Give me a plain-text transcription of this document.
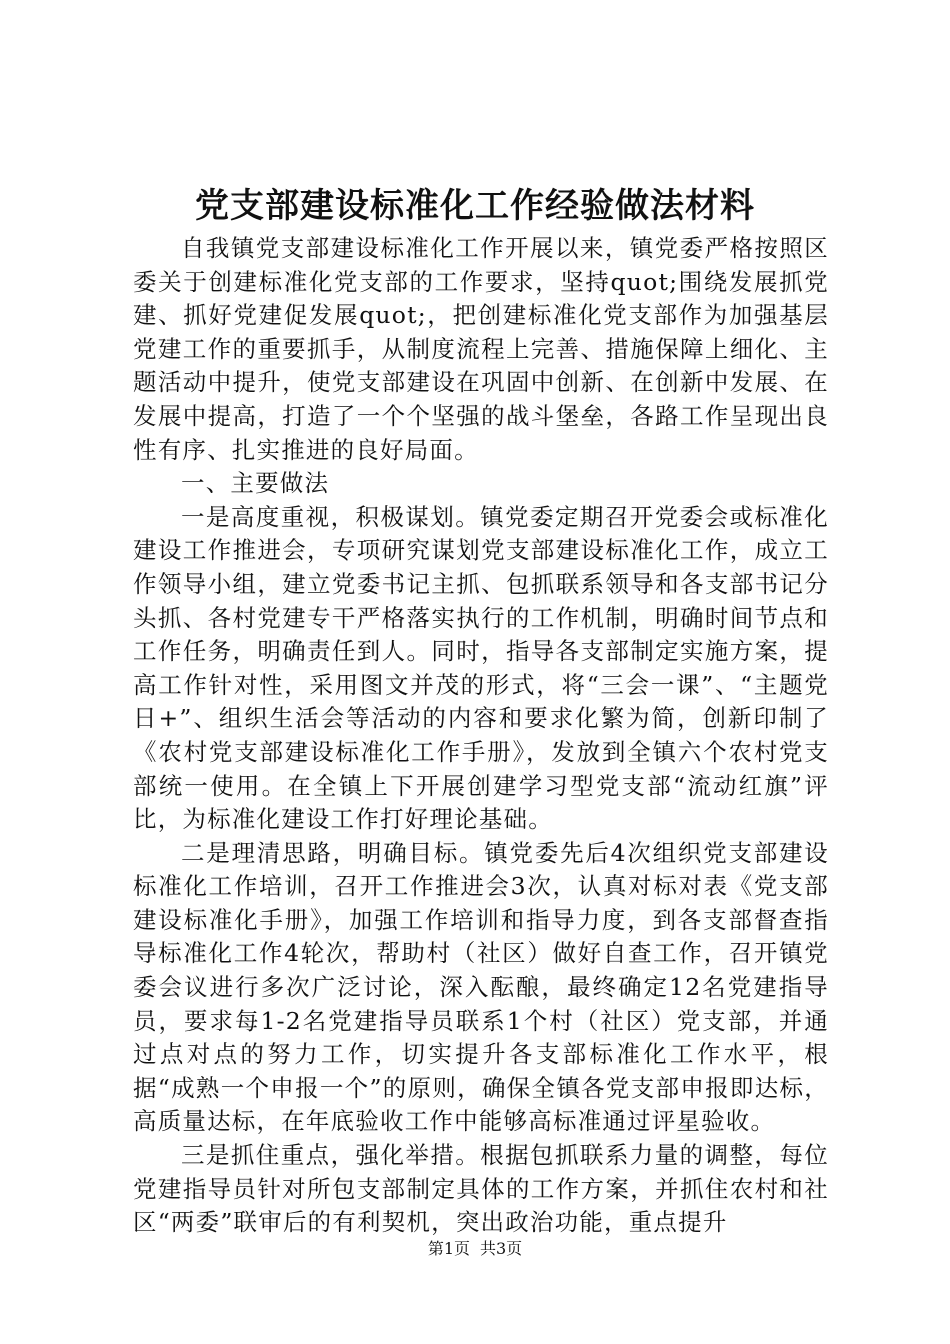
党支部建设标准化工作经验做法材料

自我镇党支部建设标准化工作开展以来，镇党委严格按照区委关于创建标准化党支部的工作要求，坚持quot;围绕发展抓党建、抓好党建促发展quot;，把创建标准化党支部作为加强基层党建工作的重要抓手，从制度流程上完善、措施保障上细化、主题活动中提升，使党支部建设在巩固中创新、在创新中发展、在发展中提高，打造了一个个坚强的战斗堡垒，各路工作呈现出良性有序、扎实推进的良好局面。

一、主要做法

一是高度重视，积极谋划。镇党委定期召开党委会或标准化建设工作推进会，专项研究谋划党支部建设标准化工作，成立工作领导小组，建立党委书记主抓、包抓联系领导和各支部书记分头抓、各村党建专干严格落实执行的工作机制，明确时间节点和工作任务，明确责任到人。同时，指导各支部制定实施方案，提高工作针对性，采用图文并茂的形式，将“三会一课”、“主题党日+”、组织生活会等活动的内容和要求化繁为简，创新印制了《农村党支部建设标准化工作手册》，发放到全镇六个农村党支部统一使用。在全镇上下开展创建学习型党支部“流动红旗”评比，为标准化建设工作打好理论基础。

二是理清思路，明确目标。镇党委先后4次组织党支部建设标准化工作培训，召开工作推进会3次，认真对标对表《党支部建设标准化手册》，加强工作培训和指导力度，到各支部督查指导标准化工作4轮次，帮助村（社区）做好自查工作，召开镇党委会议进行多次广泛讨论，深入酝酿，最终确定12名党建指导员，要求每1-2名党建指导员联系1个村（社区）党支部，并通过点对点的努力工作，切实提升各支部标准化工作水平，根据“成熟一个申报一个”的原则，确保全镇各党支部申报即达标，高质量达标，在年底验收工作中能够高标准通过评星验收。

三是抓住重点，强化举措。根据包抓联系力量的调整，每位党建指导员针对所包支部制定具体的工作方案，并抓住农村和社区“两委”联审后的有利契机，突出政治功能，重点提升

第1页 共3页
